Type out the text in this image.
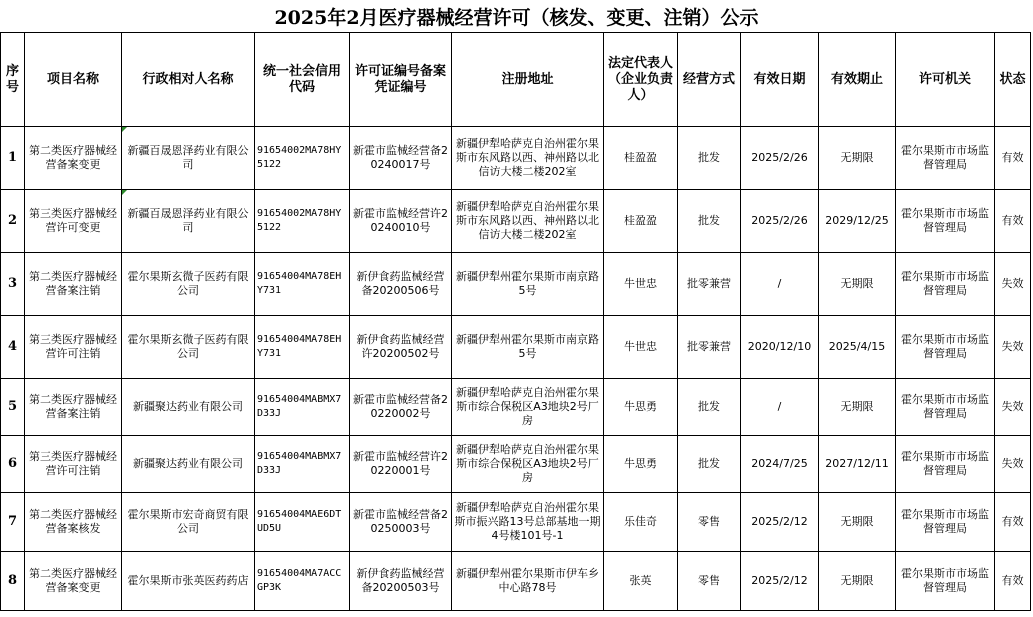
2025年2月医疗器械经营许可（核发、变更、注销）公示
序号	项目名称	行政相对人名称	统一社会信用代码	许可证编号备案凭证编号	注册地址	法定代表人（企业负责人）	经营方式	有效日期	有效期止	许可机关	状态
1	第二类医疗器械经营备案变更	新疆百晟恩泽药业有限公司	91654002MA78HY5122	新霍市监械经营备20240017号	新疆伊犁哈萨克自治州霍尔果斯市东风路以西、神州路以北信访大楼二楼202室	桂盈盈	批发	2025/2/26	无期限	霍尔果斯市市场监督管理局	有效
2	第三类医疗器械经营许可变更	新疆百晟恩泽药业有限公司	91654002MA78HY5122	新霍市监械经营许20240010号	新疆伊犁哈萨克自治州霍尔果斯市东风路以西、神州路以北信访大楼二楼202室	桂盈盈	批发	2025/2/26	2029/12/25	霍尔果斯市市场监督管理局	有效
3	第二类医疗器械经营备案注销	霍尔果斯玄微子医药有限公司	91654004MA78EHY731	新伊食药监械经营备20200506号	新疆伊犁州霍尔果斯市南京路5号	牛世忠	批零兼营	/	无期限	霍尔果斯市市场监督管理局	失效
4	第三类医疗器械经营许可注销	霍尔果斯玄微子医药有限公司	91654004MA78EHY731	新伊食药监械经营许20200502号	新疆伊犁州霍尔果斯市南京路5号	牛世忠	批零兼营	2020/12/10	2025/4/15	霍尔果斯市市场监督管理局	失效
5	第二类医疗器械经营备案注销	新疆聚达药业有限公司	91654004MABMX7D33J	新霍市监械经营备20220002号	新疆伊犁哈萨克自治州霍尔果斯市综合保税区A3地块2号厂房	牛思勇	批发	/	无期限	霍尔果斯市市场监督管理局	失效
6	第三类医疗器械经营许可注销	新疆聚达药业有限公司	91654004MABMX7D33J	新霍市监械经营许20220001号	新疆伊犁哈萨克自治州霍尔果斯市综合保税区A3地块2号厂房	牛思勇	批发	2024/7/25	2027/12/11	霍尔果斯市市场监督管理局	失效
7	第二类医疗器械经营备案核发	霍尔果斯市宏奇商贸有限公司	91654004MAE6DTUD5U	新霍市监械经营备20250003号	新疆伊犁哈萨克自治州霍尔果斯市振兴路13号总部基地一期4号楼101号-1	乐佳奇	零售	2025/2/12	无期限	霍尔果斯市市场监督管理局	有效
8	第二类医疗器械经营备案变更	霍尔果斯市张英医药药店	91654004MA7ACCGP3K	新伊食药监械经营备20200503号	新疆伊犁州霍尔果斯市伊车乡中心路78号	张英	零售	2025/2/12	无期限	霍尔果斯市市场监督管理局	有效
